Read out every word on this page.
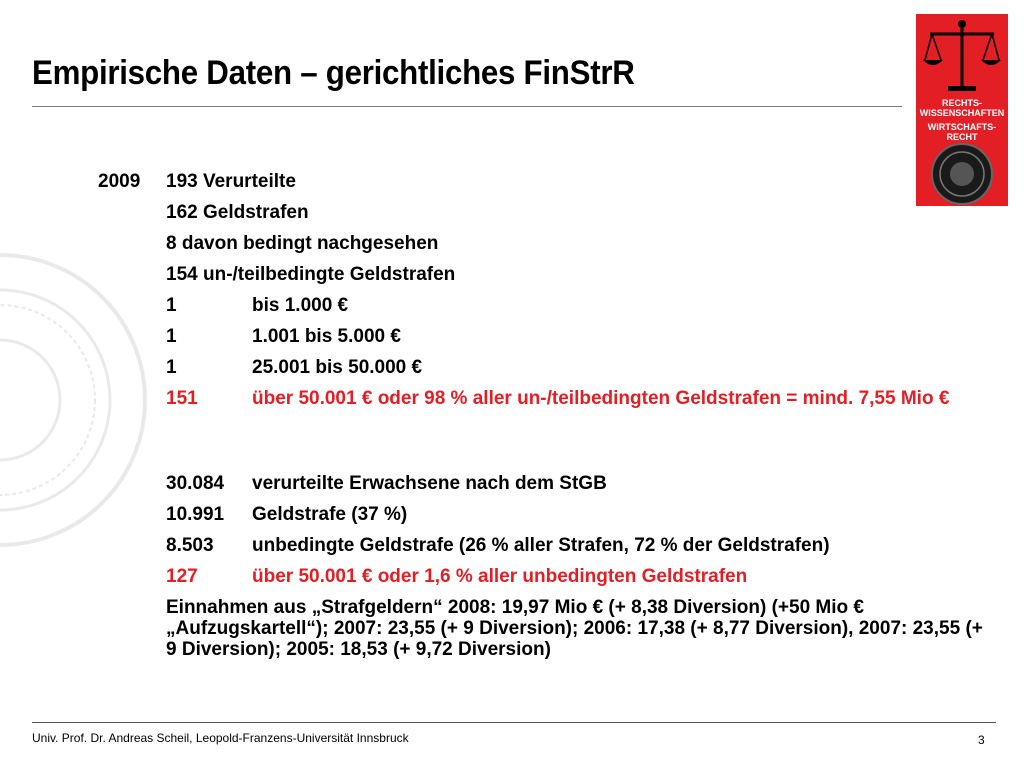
Empirische Daten – gerichtliches FinStrR
RECHTS-
WISSENSCHAFTEN
WIRTSCHAFTS-
RECHT
2009 193 Verurteilte
162 Geldstrafen
8 davon bedingt nachgesehen
154 un-/teilbedingte Geldstrafen
1	bis 1.000 €
1	1.001 bis 5.000 €
1	25.001 bis 50.000 €
151	über 50.001 € oder 98 % aller un-/teilbedingten Geldstrafen = mind. 7,55 Mio €
30.084 verurteilte Erwachsene nach dem StGB
10.991 Geldstrafe (37 %)
8.503 unbedingte Geldstrafe (26 % aller Strafen, 72 % der Geldstrafen)
127	über 50.001 € oder 1,6 % aller unbedingten Geldstrafen
Einnahmen aus „Strafgeldern“ 2008: 19,97 Mio € (+ 8,38 Diversion) (+50 Mio € „Aufzugskartell“); 2007: 23,55 (+ 9 Diversion); 2006: 17,38 (+ 8,77 Diversion), 2007: 23,55 (+ 9 Diversion); 2005: 18,53 (+ 9,72 Diversion)
Univ. Prof. Dr. Andreas Scheil, Leopold-Franzens-Universität Innsbruck	3
